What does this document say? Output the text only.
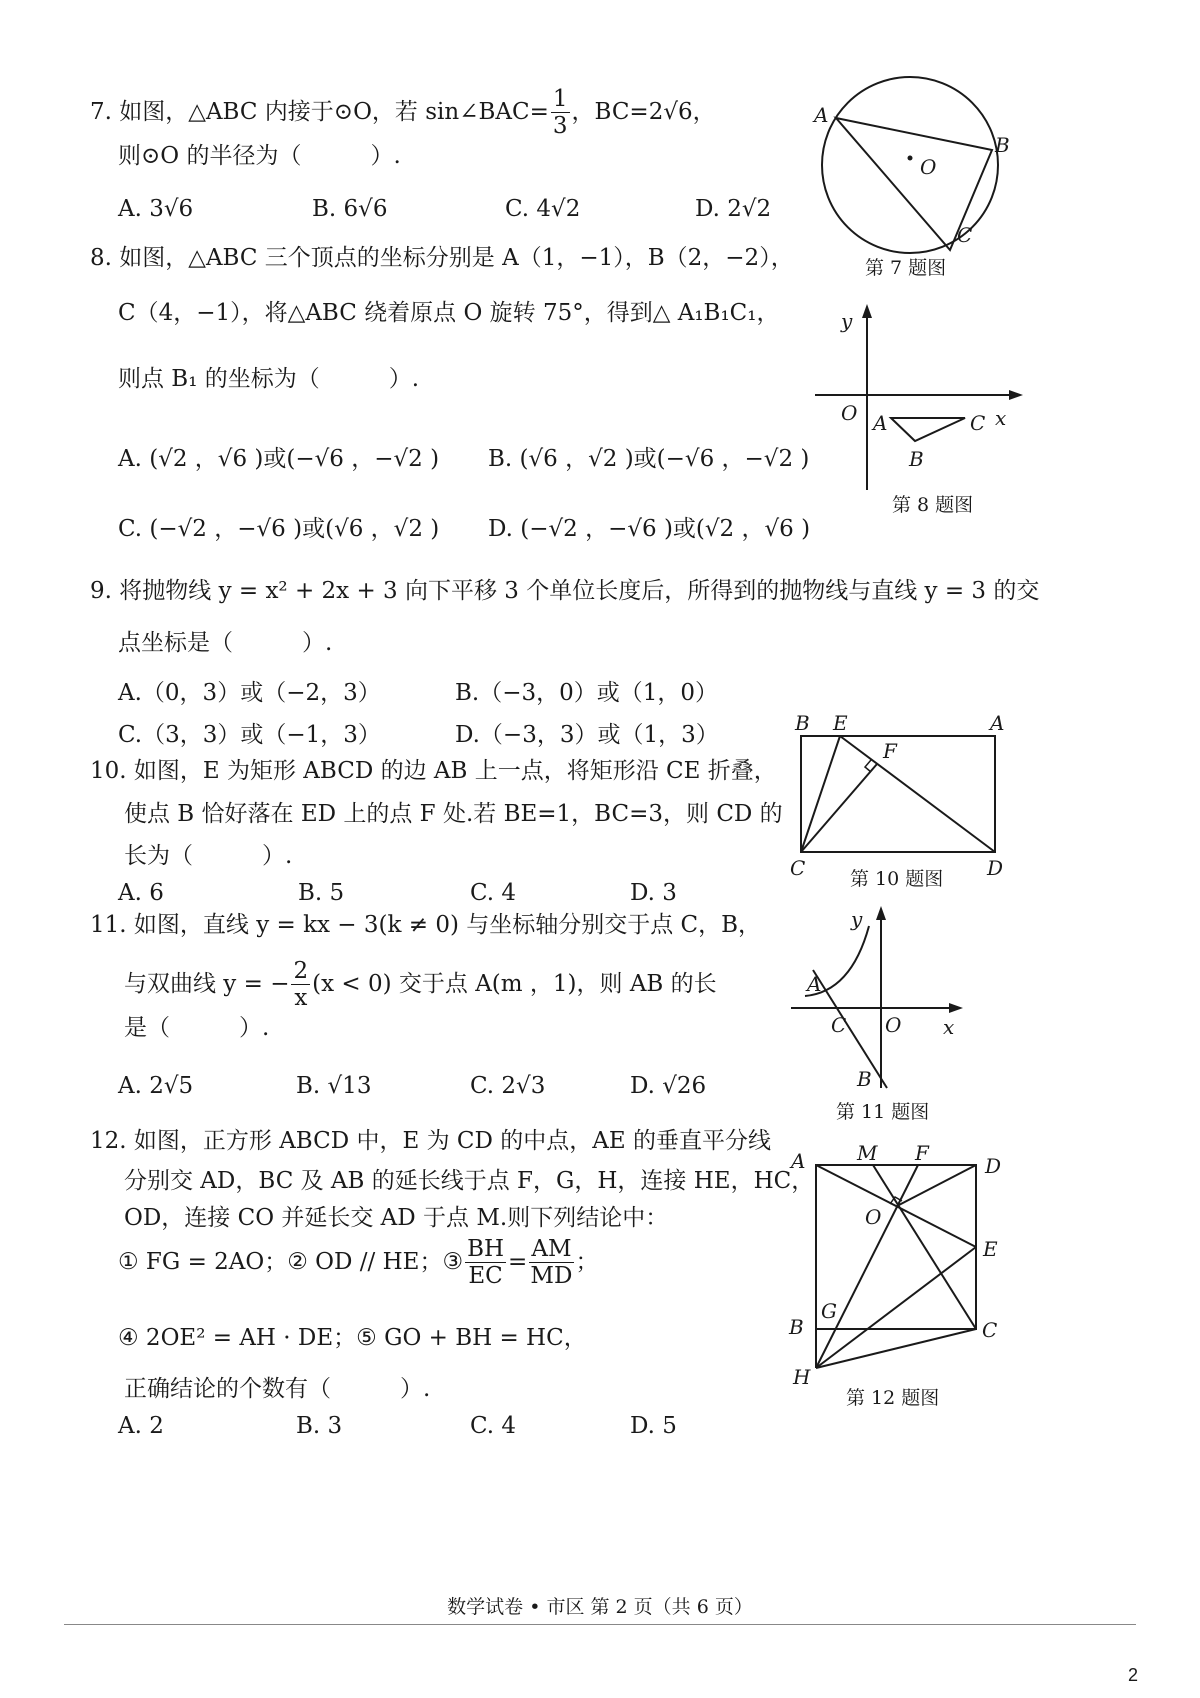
7. 如图，△ABC 内接于⊙O，若 sin∠BAC= $\frac{1}{3}$ ，BC=2√6，
则⊙O 的半径为（　　　）.
A. 3√6	B. 6√6	C. 4√2	D. 2√2
A
B
O
C
第 7 题图
8. 如图，△ABC 三个顶点的坐标分别是 A（1，−1），B（2，−2），
C（4，−1），将△ABC 绕着原点 O 旋转 75°，得到△ A₁B₁C₁，
则点 B₁ 的坐标为（　　　）.
A. (√2 ，√6 )或(−√6 ，−√2 ) B. (√6 ，√2 )或(−√6 ，−√2 )
C. (−√2 ，−√6 )或(√6 ，√2 ) D. (−√2 ，−√6 )或(√2 ，√6 )
y
O A	C x
B
第 8 题图
9. 将抛物线 y = x² + 2x + 3 向下平移 3 个单位长度后，所得到的抛物线与直线 y = 3 的交
点坐标是（　　　）.
A.（0，3）或（−2，3）	B.（−3，0）或（1，0）
C.（3，3）或（−1，3）	D.（−3，3）或（1，3）
10. 如图，E 为矩形 ABCD 的边 AB 上一点，将矩形沿 CE 折叠，
使点 B 恰好落在 ED 上的点 F 处.若 BE=1，BC=3，则 CD 的
长为（　　　）.
A. 6	B. 5	C. 4	D. 3
B E	A
F
C	D
第 10 题图
11. 如图，直线 y = kx − 3(k ≠ 0) 与坐标轴分别交于点 C，B，
与双曲线 y = − $\frac{2}{x} (x < 0)$ 交于点 A(m ，1)，则 AB 的长
是（　　　）.
A. 2√5	B. √13	C. 2√3	D. √26
y
A
C O x
B
第 11 题图
12. 如图，正方形 ABCD 中，E 为 CD 的中点，AE 的垂直平分线
分别交 AD，BC 及 AB 的延长线于点 F，G，H，连接 HE，HC，
OD，连接 CO 并延长交 AD 于点 M.则下列结论中：
① FG = 2AO；② OD // HE；③ $\frac{BH}{EC} = \frac{AM}{MD}$ ；
④ 2OE² = AH · DE；⑤ GO + BH = HC，
正确结论的个数有（　　　）.
A. 2	B. 3	C. 4	D. 5
A	M F
D
O
E
G
B	C
H
第 12 题图
数学试卷 • 市区 第 2 页（共 6 页）
2
